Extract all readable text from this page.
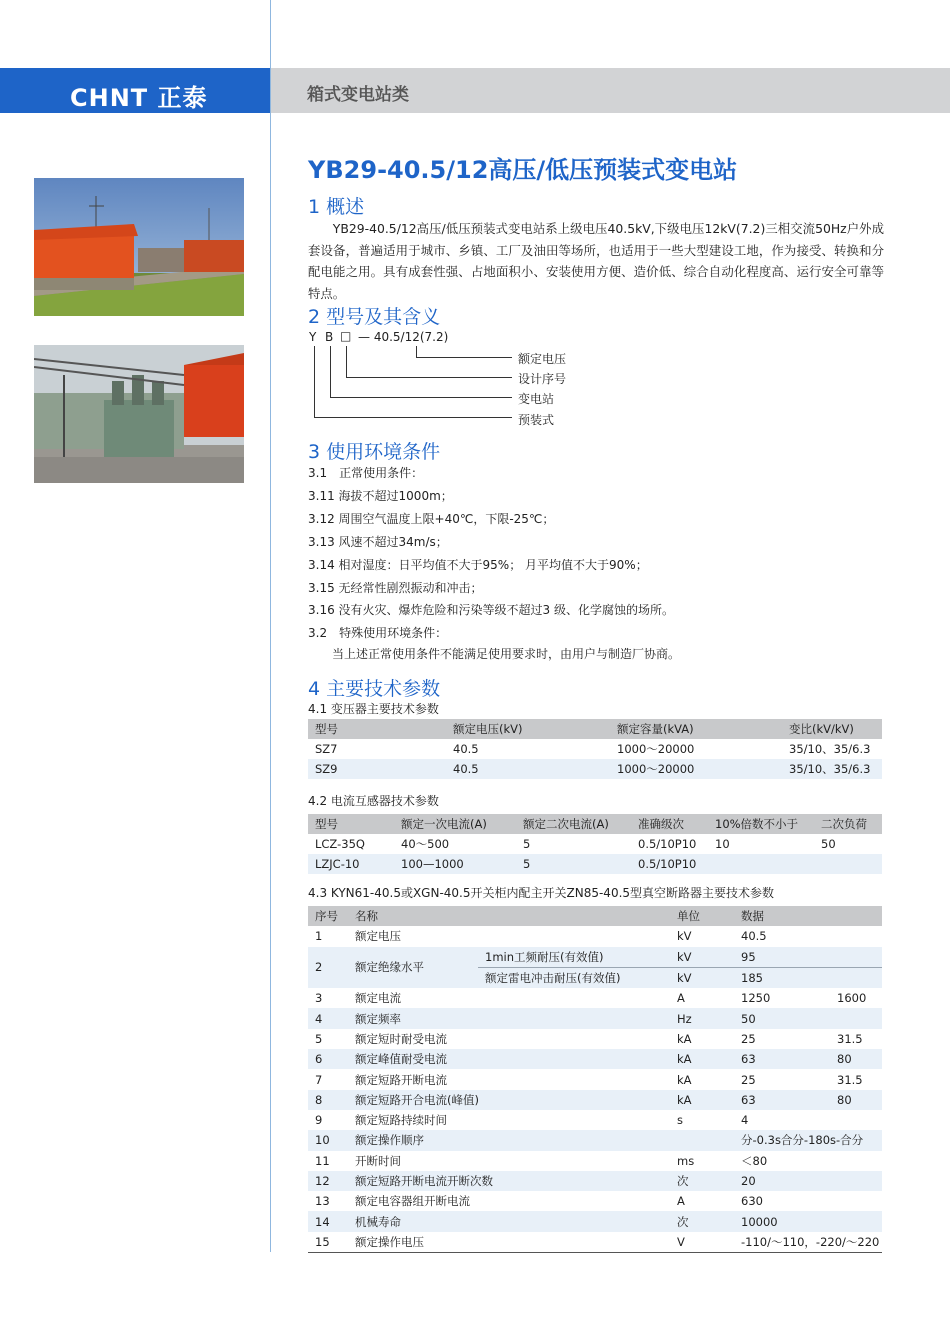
CHNT 正泰	箱式变电站类
YB29-40.5/12高压/低压预装式变电站
1 概述
YB29-40.5/12高压/低压预装式变电站系上级电压40.5kV,下级电压12kV(7.2)三相交流50Hz户外成套设备，普遍适用于城市、乡镇、工厂及油田等场所，也适用于一些大型建设工地，作为接受、转换和分配电能之用。具有成套性强、占地面积小、安装使用方便、造价低、综合自动化程度高、运行安全可靠等特点。
2 型号及其含义
Y B □ — 40.5/12(7.2)
额定电压
设计序号
变电站
预装式
3 使用环境条件
3.1　正常使用条件：
3.11 海拔不超过1000m；
3.12 周围空气温度上限+40℃，下限-25℃；
3.13 风速不超过34m/s；
3.14 相对湿度：日平均值不大于95%； 月平均值不大于90%；
3.15 无经常性剧烈振动和冲击；
3.16 没有火灾、爆炸危险和污染等级不超过3 级、化学腐蚀的场所。
3.2　特殊使用环境条件：
　　当上述正常使用条件不能满足使用要求时，由用户与制造厂协商。
4 主要技术参数
4.1 变压器主要技术参数
型号	额定电压(kV)	额定容量(kVA)	变比(kV/kV)
SZ7	40.5	1000～20000	35/10、35/6.3
SZ9	40.5	1000～20000	35/10、35/6.3
4.2 电流互感器技术参数
型号	额定一次电流(A)	额定二次电流(A)	准确级次	10%倍数不小于	二次负荷
LCZ-35Q	40～500	5	0.5/10P10	10	50
LZJC-10	100—1000	5	0.5/10P10		
4.3 KYN61-40.5或XGN-40.5开关柜内配主开关ZN85-40.5型真空断路器主要技术参数
序号	名称		单位	数据	
1	额定电压		kV	40.5	
2	额定绝缘水平	1min工频耐压(有效值)	kV	95	
		额定雷电冲击耐压(有效值)	kV	185	
3	额定电流		A	1250	1600
4	额定频率		Hz	50	
5	额定短时耐受电流		kA	25	31.5
6	额定峰值耐受电流		kA	63	80
7	额定短路开断电流		kA	25	31.5
8	额定短路开合电流(峰值)		kA	63	80
9	额定短路持续时间		s	4	
10	额定操作顺序			分-0.3s合分-180s-合分	
11	开断时间		ms	＜80	
12	额定短路开断电流开断次数		次	20	
13	额定电容器组开断电流		A	630	
14	机械寿命		次	10000	
15	额定操作电压		V	-110/～110，-220/～220	
